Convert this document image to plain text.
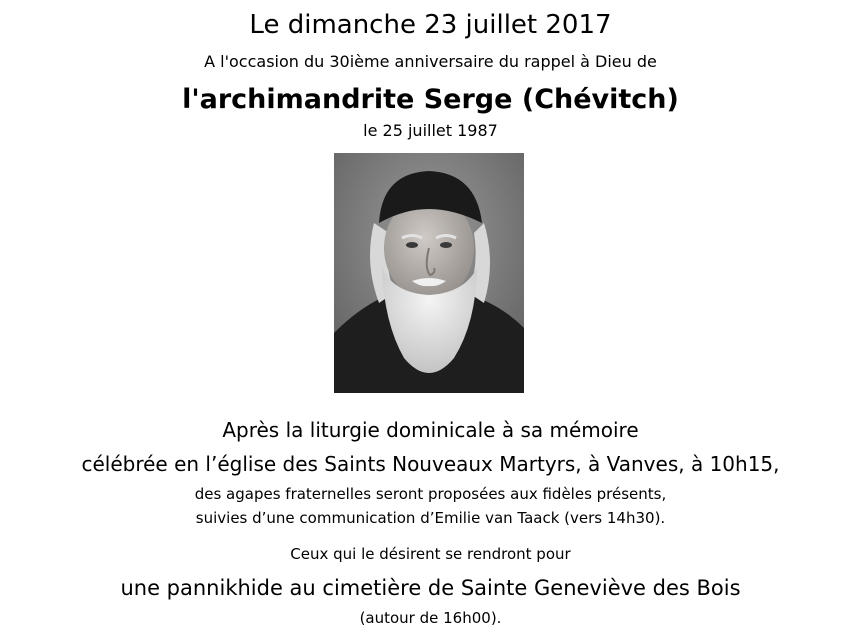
Le dimanche 23 juillet 2017
A l'occasion du 30ième anniversaire du rappel à Dieu de
l'archimandrite Serge (Chévitch)
le 25 juillet 1987
Après la liturgie dominicale à sa mémoire
célébrée en l’église des Saints Nouveaux Martyrs, à Vanves, à 10h15,
des agapes fraternelles seront proposées aux fidèles présents,
suivies d’une communication d’Emilie van Taack (vers 14h30).
Ceux qui le désirent se rendront pour
une pannikhide au cimetière de Sainte Geneviève des Bois
(autour de 16h00).
